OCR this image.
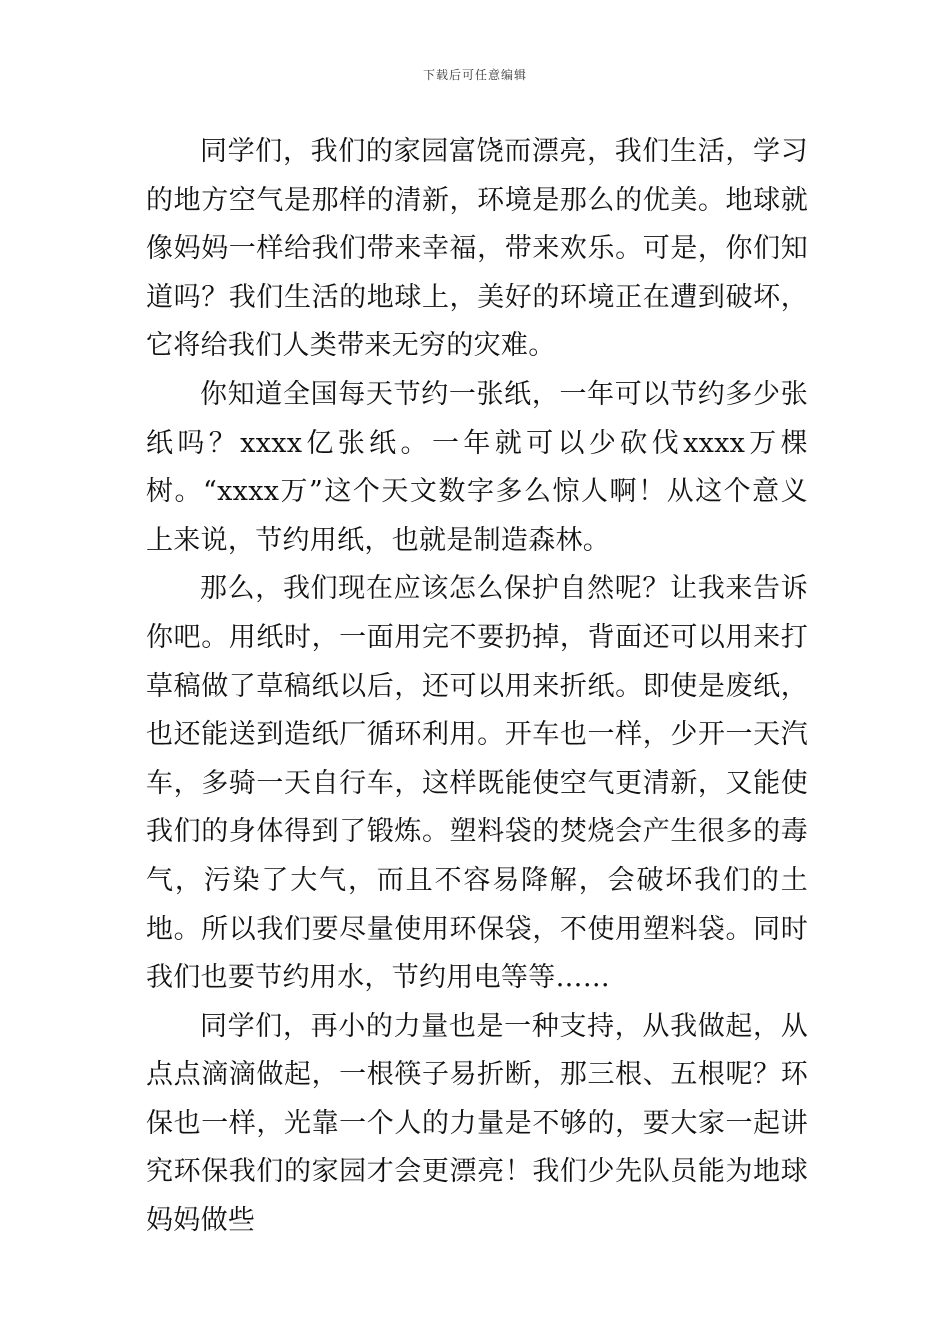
下载后可任意编辑

同学们，我们的家园富饶而漂亮，我们生活，学习的地方空气是那样的清新，环境是那么的优美。地球就像妈妈一样给我们带来幸福，带来欢乐。可是，你们知道吗？我们生活的地球上，美好的环境正在遭到破坏，它将给我们人类带来无穷的灾难。

你知道全国每天节约一张纸，一年可以节约多少张纸吗？xxxx亿张纸。一年就可以少砍伐xxxx万棵树。“xxxx万”这个天文数字多么惊人啊！从这个意义上来说，节约用纸，也就是制造森林。

那么，我们现在应该怎么保护自然呢？让我来告诉你吧。用纸时，一面用完不要扔掉，背面还可以用来打草稿做了草稿纸以后，还可以用来折纸。即使是废纸，也还能送到造纸厂循环利用。开车也一样，少开一天汽车，多骑一天自行车，这样既能使空气更清新，又能使我们的身体得到了锻炼。塑料袋的焚烧会产生很多的毒气，污染了大气，而且不容易降解，会破坏我们的土地。所以我们要尽量使用环保袋，不使用塑料袋。同时我们也要节约用水，节约用电等等……

同学们，再小的力量也是一种支持，从我做起，从点点滴滴做起，一根筷子易折断，那三根、五根呢？环保也一样，光靠一个人的力量是不够的，要大家一起讲究环保我们的家园才会更漂亮！我们少先队员能为地球妈妈做些
